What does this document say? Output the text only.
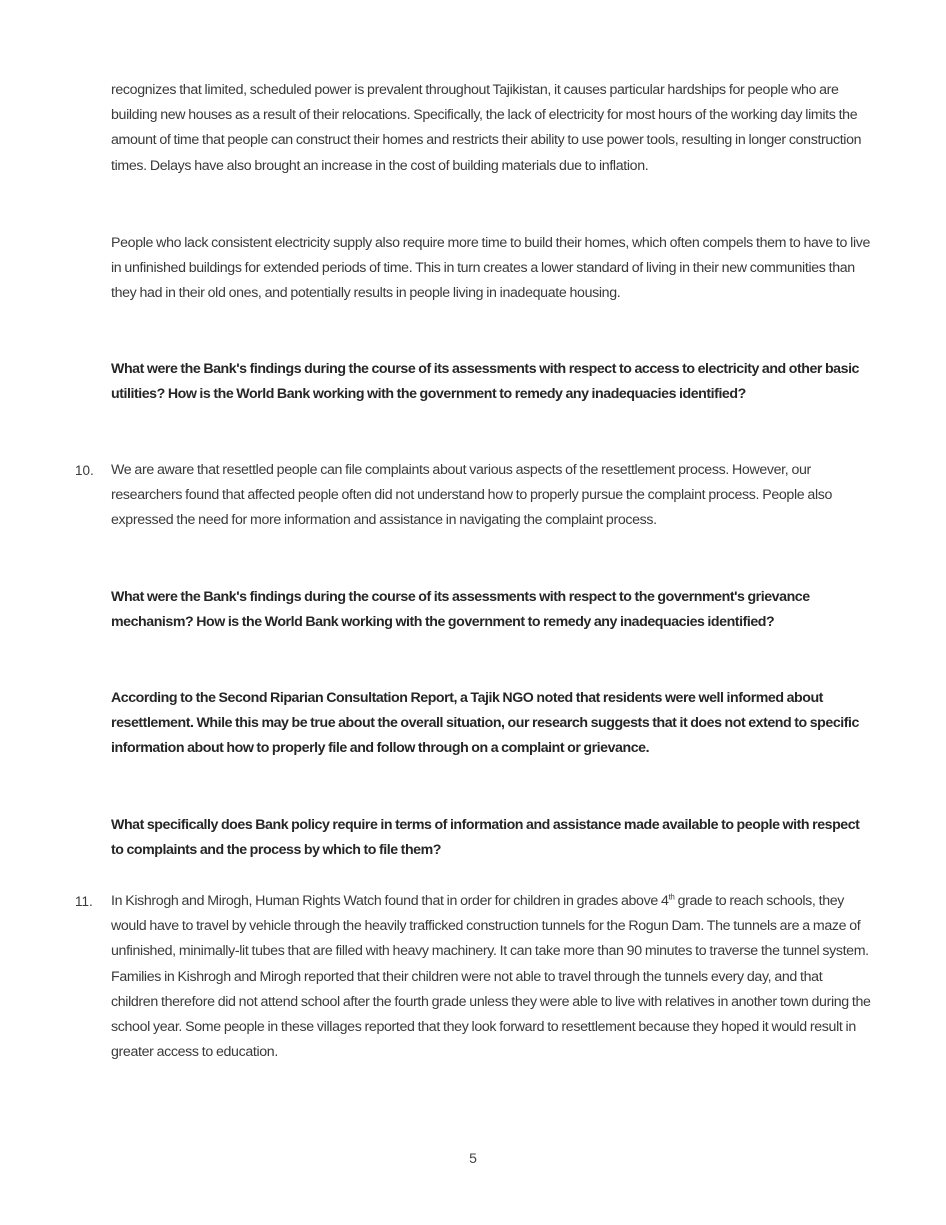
recognizes that limited, scheduled power is prevalent throughout Tajikistan, it causes particular hardships for people who are building new houses as a result of their relocations. Specifically, the lack of electricity for most hours of the working day limits the amount of time that people can construct their homes and restricts their ability to use power tools, resulting in longer construction times. Delays have also brought an increase in the cost of building materials due to inflation.

People who lack consistent electricity supply also require more time to build their homes, which often compels them to have to live in unfinished buildings for extended periods of time. This in turn creates a lower standard of living in their new communities than they had in their old ones, and potentially results in people living in inadequate housing.

What were the Bank's findings during the course of its assessments with respect to access to electricity and other basic utilities? How is the World Bank working with the government to remedy any inadequacies identified?

10. We are aware that resettled people can file complaints about various aspects of the resettlement process. However, our researchers found that affected people often did not understand how to properly pursue the complaint process. People also expressed the need for more information and assistance in navigating the complaint process.

What were the Bank's findings during the course of its assessments with respect to the government's grievance mechanism? How is the World Bank working with the government to remedy any inadequacies identified?

According to the Second Riparian Consultation Report, a Tajik NGO noted that residents were well informed about resettlement. While this may be true about the overall situation, our research suggests that it does not extend to specific information about how to properly file and follow through on a complaint or grievance.

What specifically does Bank policy require in terms of information and assistance made available to people with respect to complaints and the process by which to file them?

11. In Kishrogh and Mirogh, Human Rights Watch found that in order for children in grades above 4th grade to reach schools, they would have to travel by vehicle through the heavily trafficked construction tunnels for the Rogun Dam. The tunnels are a maze of unfinished, minimally-lit tubes that are filled with heavy machinery. It can take more than 90 minutes to traverse the tunnel system. Families in Kishrogh and Mirogh reported that their children were not able to travel through the tunnels every day, and that children therefore did not attend school after the fourth grade unless they were able to live with relatives in another town during the school year. Some people in these villages reported that they look forward to resettlement because they hoped it would result in greater access to education.
5
